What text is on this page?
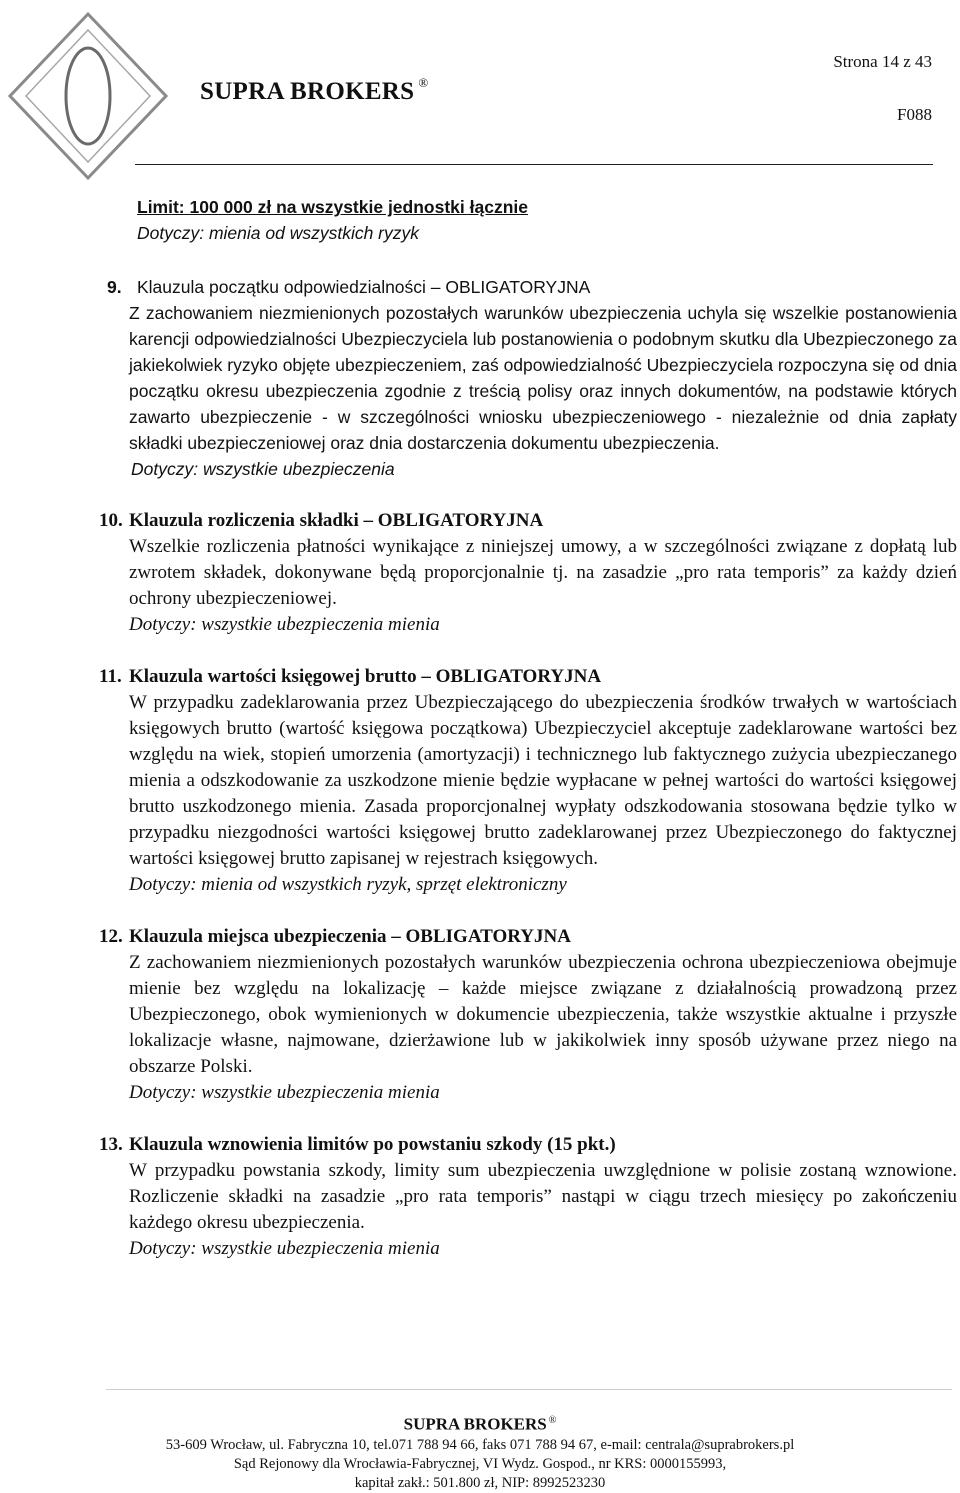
SUPRA BROKERS ®
Strona 14 z 43
F088
Limit: 100 000 zł na wszystkie jednostki łącznie
Dotyczy: mienia od wszystkich ryzyk
9. Klauzula początku odpowiedzialności – OBLIGATORYJNA
Z zachowaniem niezmienionych pozostałych warunków ubezpieczenia uchyla się wszelkie postanowienia karencji odpowiedzialności Ubezpieczyciela lub postanowienia o podobnym skutku dla Ubezpieczonego za jakiekolwiek ryzyko objęte ubezpieczeniem, zaś odpowiedzialność Ubezpieczyciela rozpoczyna się od dnia początku okresu ubezpieczenia zgodnie z treścią polisy oraz innych dokumentów, na podstawie których zawarto ubezpieczenie - w szczególności wniosku ubezpieczeniowego - niezależnie od dnia zapłaty składki ubezpieczeniowej oraz dnia dostarczenia dokumentu ubezpieczenia.
Dotyczy: wszystkie ubezpieczenia
10. Klauzula rozliczenia składki – OBLIGATORYJNA
Wszelkie rozliczenia płatności wynikające z niniejszej umowy, a w szczególności związane z dopłatą lub zwrotem składek, dokonywane będą proporcjonalnie tj. na zasadzie „pro rata temporis” za każdy dzień ochrony ubezpieczeniowej.
Dotyczy: wszystkie ubezpieczenia mienia
11. Klauzula wartości księgowej brutto – OBLIGATORYJNA
W przypadku zadeklarowania przez Ubezpieczającego do ubezpieczenia środków trwałych w wartościach księgowych brutto (wartość księgowa początkowa) Ubezpieczyciel akceptuje zadeklarowane wartości bez względu na wiek, stopień umorzenia (amortyzacji) i technicznego lub faktycznego zużycia ubezpieczanego mienia a odszkodowanie za uszkodzone mienie będzie wypłacane w pełnej wartości do wartości księgowej brutto uszkodzonego mienia. Zasada proporcjonalnej wypłaty odszkodowania stosowana będzie tylko w przypadku niezgodności wartości księgowej brutto zadeklarowanej przez Ubezpieczonego do faktycznej wartości księgowej brutto zapisanej w rejestrach księgowych.
Dotyczy: mienia od wszystkich ryzyk, sprzęt elektroniczny
12. Klauzula miejsca ubezpieczenia – OBLIGATORYJNA
Z zachowaniem niezmienionych pozostałych warunków ubezpieczenia ochrona ubezpieczeniowa obejmuje mienie bez względu na lokalizację – każde miejsce związane z działalnością prowadzoną przez Ubezpieczonego, obok wymienionych w dokumencie ubezpieczenia, także wszystkie aktualne i przyszłe lokalizacje własne, najmowane, dzierżawione lub w jakikolwiek inny sposób używane przez niego na obszarze Polski.
Dotyczy: wszystkie ubezpieczenia mienia
13. Klauzula wznowienia limitów po powstaniu szkody (15 pkt.)
W przypadku powstania szkody, limity sum ubezpieczenia uwzględnione w polisie zostaną wznowione. Rozliczenie składki na zasadzie „pro rata temporis” nastąpi w ciągu trzech miesięcy po zakończeniu każdego okresu ubezpieczenia.
Dotyczy: wszystkie ubezpieczenia mienia
SUPRA BROKERS ®
53-609 Wrocław, ul. Fabryczna 10, tel.071 788 94 66, faks 071 788 94 67, e-mail: centrala@suprabrokers.pl
Sąd Rejonowy dla Wrocławia-Fabrycznej, VI Wydz. Gospod., nr KRS: 0000155993,
kapitał zakł.: 501.800 zł, NIP: 8992523230
